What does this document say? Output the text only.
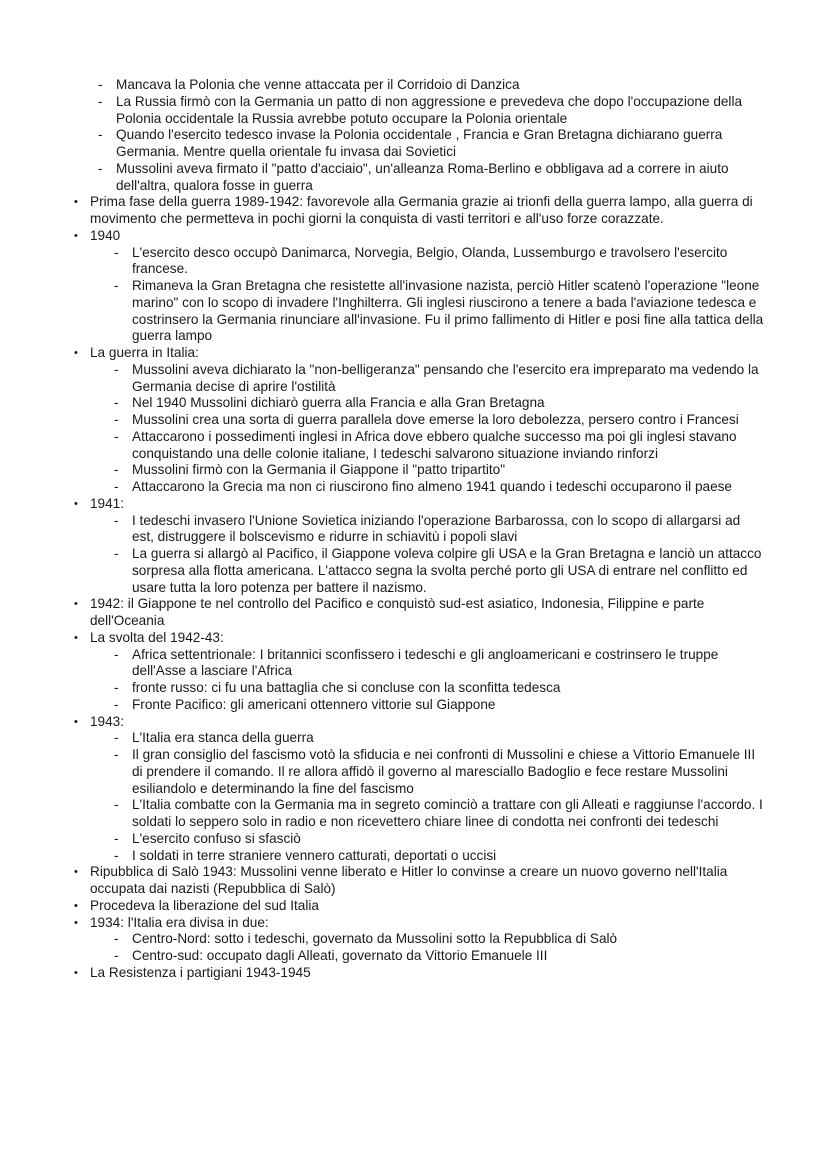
- Mancava la Polonia che venne attaccata per il Corridoio di Danzica
- La Russia firmò con la Germania un patto di non aggressione e prevedeva che dopo l'occupazione della Polonia occidentale la Russia avrebbe potuto occupare la Polonia orientale
- Quando l'esercito tedesco invase la Polonia occidentale , Francia e Gran Bretagna dichiarano guerra Germania. Mentre quella orientale fu invasa dai Sovietici
- Mussolini aveva firmato il "patto d'acciaio", un'alleanza Roma-Berlino e obbligava ad a correre in aiuto dell'altra, qualora fosse in guerra
• Prima fase della guerra 1989-1942: favorevole alla Germania grazie ai trionfi della guerra lampo, alla guerra di movimento che permetteva in pochi giorni la conquista di vasti territori e all'uso forze corazzate.
• 1940
- L'esercito desco occupò Danimarca, Norvegia, Belgio, Olanda, Lussemburgo e travolsero l'esercito francese.
- Rimaneva la Gran Bretagna che resistette all'invasione nazista, perciò Hitler scatenò l'operazione "leone marino" con lo scopo di invadere l'Inghilterra. Gli inglesi riuscirono a tenere a bada l'aviazione tedesca e costrinsero la Germania rinunciare all'invasione. Fu il primo fallimento di Hitler e posi fine alla tattica della guerra lampo
• La guerra in Italia:
- Mussolini aveva dichiarato la "non-belligeranza" pensando che l'esercito era impreparato ma vedendo la Germania decise di aprire l'ostilità
- Nel 1940 Mussolini dichiarò guerra alla Francia e alla Gran Bretagna
- Mussolini crea una sorta di guerra parallela dove emerse la loro debolezza, persero contro i Francesi
- Attaccarono i possedimenti inglesi in Africa dove ebbero qualche successo ma poi gli inglesi stavano conquistando una delle colonie italiane, I tedeschi salvarono situazione inviando rinforzi
- Mussolini firmò con la Germania il Giappone il "patto tripartito"
- Attaccarono la Grecia ma non ci riuscirono fino almeno 1941 quando i tedeschi occuparono il paese
• 1941:
- I tedeschi invasero l'Unione Sovietica iniziando l'operazione Barbarossa, con lo scopo di allargarsi ad est, distruggere il bolscevismo e ridurre in schiavitù i popoli slavi
- La guerra si allargò al Pacifico, il Giappone voleva colpire gli USA e la Gran Bretagna e lanciò un attacco sorpresa alla flotta americana. L'attacco segna la svolta perché porto gli USA di entrare nel conflitto ed usare tutta la loro potenza per battere il nazismo.
• 1942: il Giappone te nel controllo del Pacifico e conquistò sud-est asiatico, Indonesia, Filippine e parte dell'Oceania
• La svolta del 1942-43:
- Africa settentrionale: I britannici sconfissero i tedeschi e gli angloamericani e costrinsero le truppe dell'Asse a lasciare l'Africa
- fronte russo: ci fu una battaglia che si concluse con la sconfitta tedesca
- Fronte Pacifico: gli americani ottennero vittorie sul Giappone
• 1943:
- L'Italia era stanca della guerra
- Il gran consiglio del fascismo votò la sfiducia e nei confronti di Mussolini e chiese a Vittorio Emanuele III di prendere il comando. Il re allora affidò il governo al maresciallo Badoglio e fece restare Mussolini esiliandolo e determinando la fine del fascismo
- L'Italia combatte con la Germania ma in segreto cominciò a trattare con gli Alleati e raggiunse l'accordo. I soldati lo seppero solo in radio e non ricevettero chiare linee di condotta nei confronti dei tedeschi
- L'esercito confuso si sfasciò
- I soldati in terre straniere vennero catturati, deportati o uccisi
• Ripubblica di Salò 1943: Mussolini venne liberato e Hitler lo convinse a creare un nuovo governo nell'Italia occupata dai nazisti (Repubblica di Salò)
• Procedeva la liberazione del sud Italia
• 1934: l'Italia era divisa in due:
- Centro-Nord: sotto i tedeschi, governato da Mussolini sotto la Repubblica di Salò
- Centro-sud: occupato dagli Alleati, governato da Vittorio Emanuele III
• La Resistenza i partigiani 1943-1945
